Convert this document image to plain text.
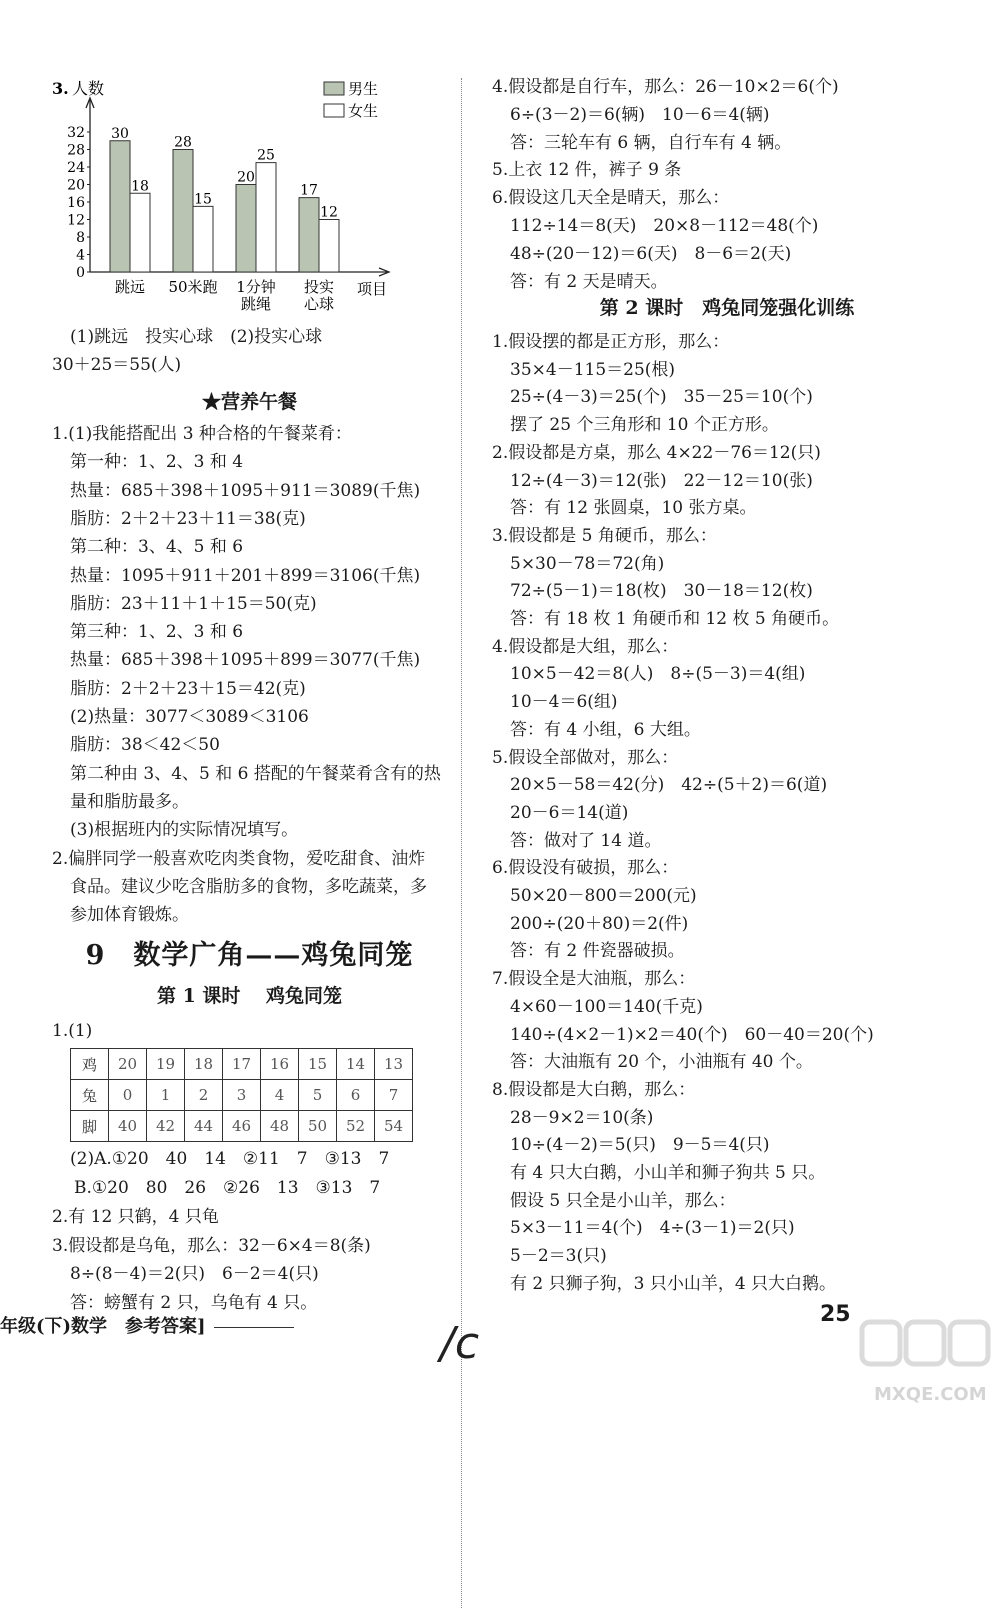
3. 人数
项目
0
4
8
12
16
20
24
28
32 30
18
跳远
28
15
50米跑
20
25
1分钟
跳绳
17
12
投实
心球
男生
女生
(1)跳远　投实心球　(2)投实心球
30＋25＝55(人)
★营养午餐
1.(1)我能搭配出 3 种合格的午餐菜肴：
第一种：1、2、3 和 4
热量：685＋398＋1095＋911＝3089(千焦)
脂肪：2＋2＋23＋11＝38(克)
第二种：3、4、5 和 6
热量：1095＋911＋201＋899＝3106(千焦)
脂肪：23＋11＋1＋15＝50(克)
第三种：1、2、3 和 6
热量：685＋398＋1095＋899＝3077(千焦)
脂肪：2＋2＋23＋15＝42(克)
(2)热量：3077＜3089＜3106
脂肪：38＜42＜50
第二种由 3、4、5 和 6 搭配的午餐菜肴含有的热
量和脂肪最多。
(3)根据班内的实际情况填写。
2.偏胖同学一般喜欢吃肉类食物，爱吃甜食、油炸
食品。建议少吃含脂肪多的食物，多吃蔬菜，多
参加体育锻炼。
9　数学广角——鸡兔同笼
第 1 课时　 鸡兔同笼
1.(1)
(2)A.①20　40　14　②11　7　③13　7
B.①20　80　26　②26　13　③13　7
2.有 12 只鹤，4 只龟
3.假设都是乌龟，那么：32－6×4＝8(条)
8÷(8－4)＝2(只)　6－2＝4(只)
答：螃蟹有 2 只，乌龟有 4 只。
4.假设都是自行车，那么：26－10×2＝6(个)
6÷(3－2)＝6(辆)　10－6＝4(辆)
答：三轮车有 6 辆，自行车有 4 辆。
5.上衣 12 件，裤子 9 条
6.假设这几天全是晴天，那么：
112÷14＝8(天)　20×8－112＝48(个)
48÷(20－12)＝6(天)　8－6＝2(天)
答：有 2 天是晴天。
第 2 课时　鸡兔同笼强化训练
1.假设摆的都是正方形，那么：
35×4－115＝25(根)
25÷(4－3)＝25(个)　35－25＝10(个)
摆了 25 个三角形和 10 个正方形。
2.假设都是方桌，那么 4×22－76＝12(只)
12÷(4－3)＝12(张)　22－12＝10(张)
答：有 12 张圆桌，10 张方桌。
3.假设都是 5 角硬币，那么：
5×30－78＝72(角)
72÷(5－1)＝18(枚)　30－18＝12(枚)
答：有 18 枚 1 角硬币和 12 枚 5 角硬币。
4.假设都是大组，那么：
10×5－42＝8(人)　8÷(5－3)＝4(组)
10－4＝6(组)
答：有 4 小组，6 大组。
5.假设全部做对，那么：
20×5－58＝42(分)　42÷(5＋2)＝6(道)
20－6＝14(道)
答：做对了 14 道。
6.假设没有破损，那么：
50×20－800＝200(元)
200÷(20＋80)＝2(件)
答：有 2 件瓷器破损。
7.假设全是大油瓶，那么：
4×60－100＝140(千克)
140÷(4×2－1)×2＝40(个)　60－40＝20(个)
答：大油瓶有 20 个，小油瓶有 40 个。
8.假设都是大白鹅，那么：
28－9×2＝10(条)
10÷(4－2)＝5(只)　9－5＝4(只)
有 4 只大白鹅，小山羊和狮子狗共 5 只。
假设 5 只全是小山羊，那么：
5×3－11＝4(个)　4÷(3－1)＝2(只)
5－2＝3(只)
有 2 只狮子狗，3 只小山羊，4 只大白鹅。
鸡	20	19	18	17	16	15	14	13
兔	0	1	2	3	4	5	6	7
脚	40	42	44	46	48	50	52	54
年级(下)数学　参考答案]	/c
25
MXQE.COM
